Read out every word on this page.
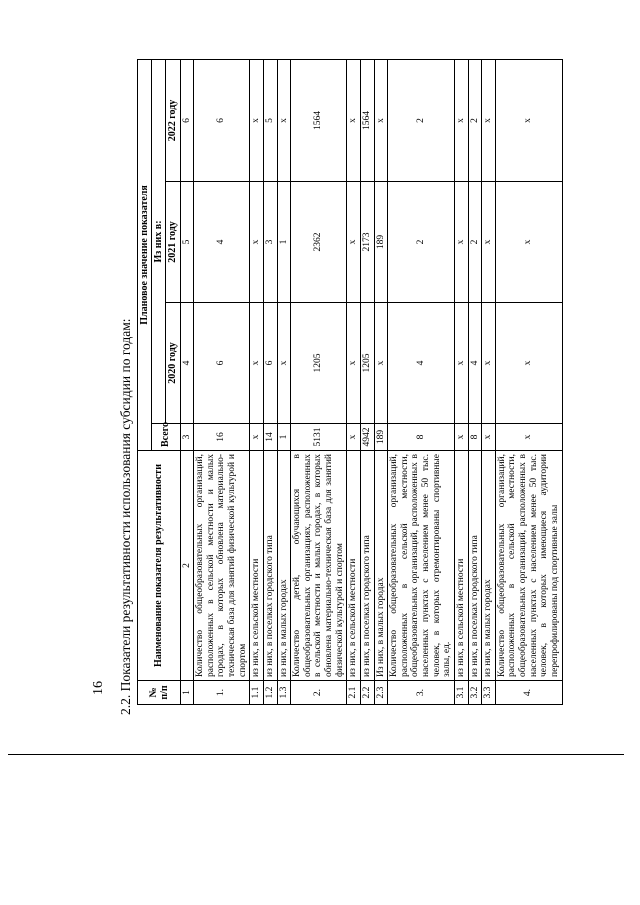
16 2.2. Показатели результативности использования субсидии по годам:	№ п/п	Наименование показателя результативности	Плановое значение показателя			
		Всего	Из них в:		
			2020 году	2021 году	2022 году
1	2	3	4	5	6
1.	Количество общеобразовательных организаций, расположенных в сельской местности и малых городах, в которых обновлена материально-техническая база для занятий физической культурой и спортом	16	6	4	6
1.1	из них, в сельской местности	х	х	х	х
1.2	из них, в поселках городского типа	14	6	3	5
1.3	из них, в малых городах	1	х	1	х
2.	Количество детей, обучающихся в общеобразовательных организациях, расположенных в сельской местности и малых городах, в которых обновлена материально-техническая база для занятий физической культурой и спортом	5131	1205	2362	1564
2.1	из них, в сельской местности	х	х	х	х
2.2	из них, в поселках городского типа	4942	1205	2173	1564
2.3	Из них, в малых городах	189	х	189	х
3.	Количество общеобразовательных организаций, расположенных в сельской местности, общеобразовательных организаций, расположенных в населенных пунктах с населением менее 50 тыс. человек, в которых отремонтированы спортивные залы, ед.	8	4	2	2
3.1	из них, в сельской местности	х	х	х	х
3.2	из них, в поселках городского типа	8	4	2	2
3.3	из них, в малых городах	х	х	х	х
4.	Количество общеобразовательных организаций, расположенных в сельской местности, общеобразовательных организаций, расположенных в населенных пунктах с населением менее 50 тыс. человек, в которых имеющиеся аудитории перепрофилированы под спортивные залы	х	х	х	х
